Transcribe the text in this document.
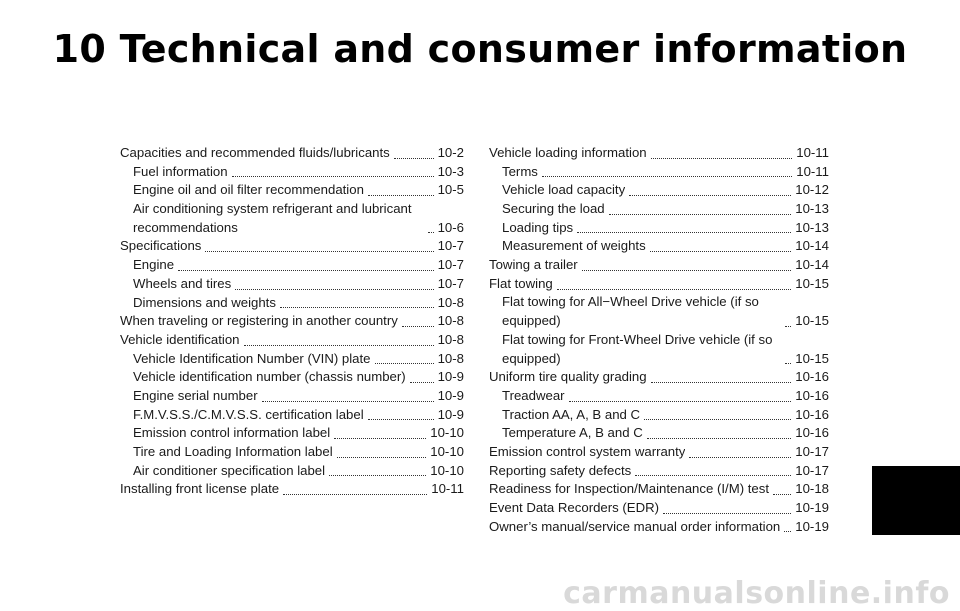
10 Technical and consumer information
Capacities and recommended fluids/lubricants	10-2
Fuel information	10-3
Engine oil and oil filter recommendation	10-5
Air conditioning system refrigerant and lubricant recommendations	10-6
Specifications	10-7
Engine	10-7
Wheels and tires	10-7
Dimensions and weights	10-8
When traveling or registering in another country	10-8
Vehicle identification	10-8
Vehicle Identification Number (VIN) plate	10-8
Vehicle identification number (chassis number) 10-9
Engine serial number	10-9
F.M.V.S.S./C.M.V.S.S. certification label	10-9
Emission control information label	10-10
Tire and Loading Information label	10-10
Air conditioner specification label	10-10
Installing front license plate	10-11
Vehicle loading information	10-11
Terms	10-11
Vehicle load capacity	10-12
Securing the load	10-13
Loading tips	10-13
Measurement of weights	10-14
Towing a trailer	10-14
Flat towing	10-15
Flat towing for All−Wheel Drive vehicle (if so equipped)	10-15
Flat towing for Front-Wheel Drive vehicle (if so equipped)	10-15
Uniform tire quality grading	10-16
Treadwear	10-16
Traction AA, A, B and C	10-16
Temperature A, B and C	10-16
Emission control system warranty	10-17
Reporting safety defects	10-17
Readiness for Inspection/Maintenance (I/M) test 10-18
Event Data Recorders (EDR)	10-19
Owner’s manual/service manual order information 10-19
carmanualsonline.info
